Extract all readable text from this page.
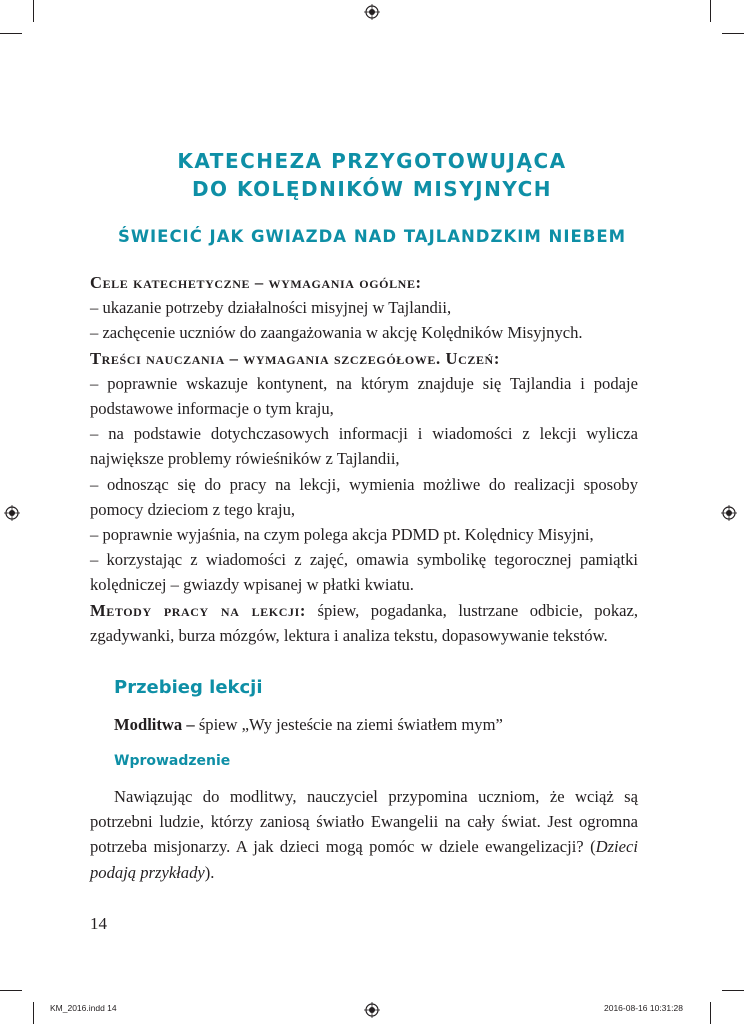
KATECHEZA PRZYGOTOWUJĄCA
DO KOLĘDNIKÓW MISYJNYCH
ŚWIECIĆ JAK GWIAZDA NAD TAJLANDZKIM NIEBEM

Cele katechetyczne – wymagania ogólne:

– ukazanie potrzeby działalności misyjnej w Tajlandii,

– zachęcenie uczniów do zaangażowania w akcję Kolędników Misyjnych.

Treści nauczania – wymagania szczegółowe. Uczeń:

– poprawnie wskazuje kontynent, na którym znajduje się Tajlandia i podaje podstawowe informacje o tym kraju,

– na podstawie dotychczasowych informacji i wiadomości z lekcji wylicza największe problemy rówieśników z Tajlandii,

– odnosząc się do pracy na lekcji, wymienia możliwe do realizacji sposoby pomocy dzieciom z tego kraju,

– poprawnie wyjaśnia, na czym polega akcja PDMD pt. Kolędnicy Misyjni,

– korzystając z wiadomości z zajęć, omawia symbolikę tegorocznej pamiątki kolędniczej – gwiazdy wpisanej w płatki kwiatu.

Metody pracy na lekcji: śpiew, pogadanka, lustrzane odbicie, pokaz, zgadywanki, burza mózgów, lektura i analiza tekstu, dopasowywanie tekstów.

Przebieg lekcji
Modlitwa – śpiew „Wy jesteście na ziemi światłem mym”
Wprowadzenie

Nawiązując do modlitwy, nauczyciel przypomina uczniom, że wciąż są potrzebni ludzie, którzy zaniosą światło Ewangelii na cały świat. Jest ogromna potrzeba misjonarzy. A jak dzieci mogą pomóc w dziele ewangelizacji? (Dzieci podają przykłady).

14
KM_2016.indd 14	2016-08-16 10:31:28
